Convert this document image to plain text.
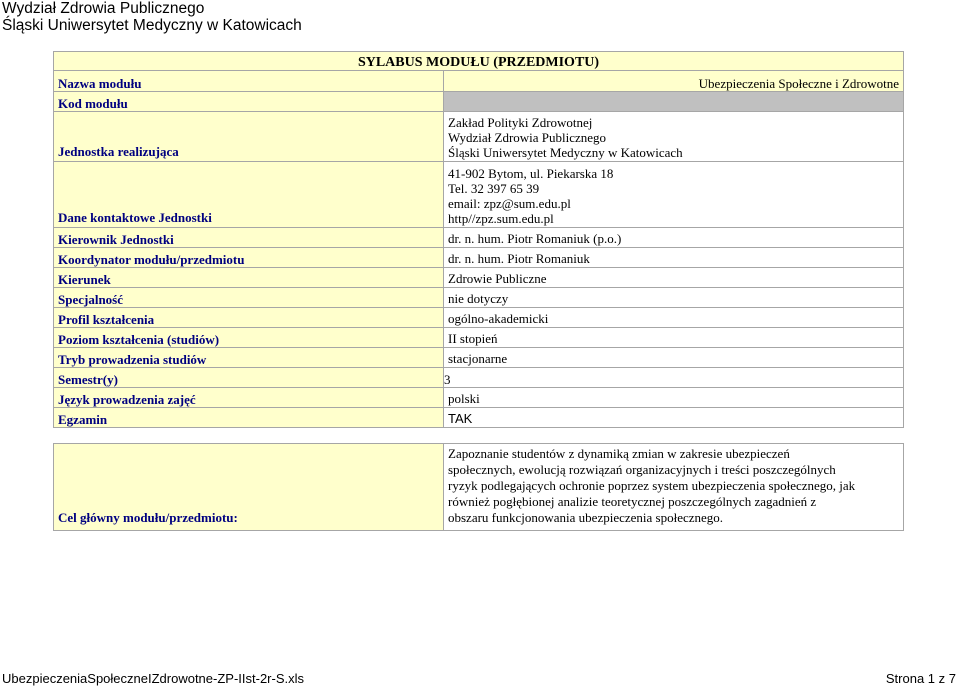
Wydział Zdrowia Publicznego
Śląski Uniwersytet Medyczny w Katowicach
SYLABUS MODUŁU (PRZEDMIOTU)	
Nazwa modułu	Ubezpieczenia Społeczne i Zdrowotne
Kod modułu	
Jednostka realizująca	Zakład Polityki Zdrowotnej
Wydział Zdrowia Publicznego
Śląski Uniwersytet Medyczny w Katowicach

Dane kontaktowe Jednostki	41-902 Bytom, ul. Piekarska 18
Tel. 32 397 65 39
email: zpz@sum.edu.pl
http//zpz.sum.edu.pl

Kierownik Jednostki	dr. n. hum. Piotr Romaniuk (p.o.)
Koordynator modułu/przedmiotu	dr. n. hum. Piotr Romaniuk
Kierunek	Zdrowie Publiczne
Specjalność	nie dotyczy
Profil kształcenia	ogólno-akademicki
Poziom kształcenia (studiów)	II stopień
Tryb prowadzenia studiów	stacjonarne
Semestr(y) 3	

Język prowadzenia zajęć	polski
Egzamin	TAK
Cel główny modułu/przedmiotu:	
Zapoznanie studentów z dynamiką zmian w zakresie ubezpieczeń
społecznych, ewolucją rozwiązań organizacyjnych i treści poszczególnych
ryzyk podlegających ochronie poprzez system ubezpieczenia społecznego, jak
również pogłębionej analizie teoretycznej poszczególnych zagadnień z
obszaru funkcjonowania ubezpieczenia społecznego.
UbezpieczeniaSpołeczneIZdrowotne-ZP-IIst-2r-S.xls	Strona 1 z 7
